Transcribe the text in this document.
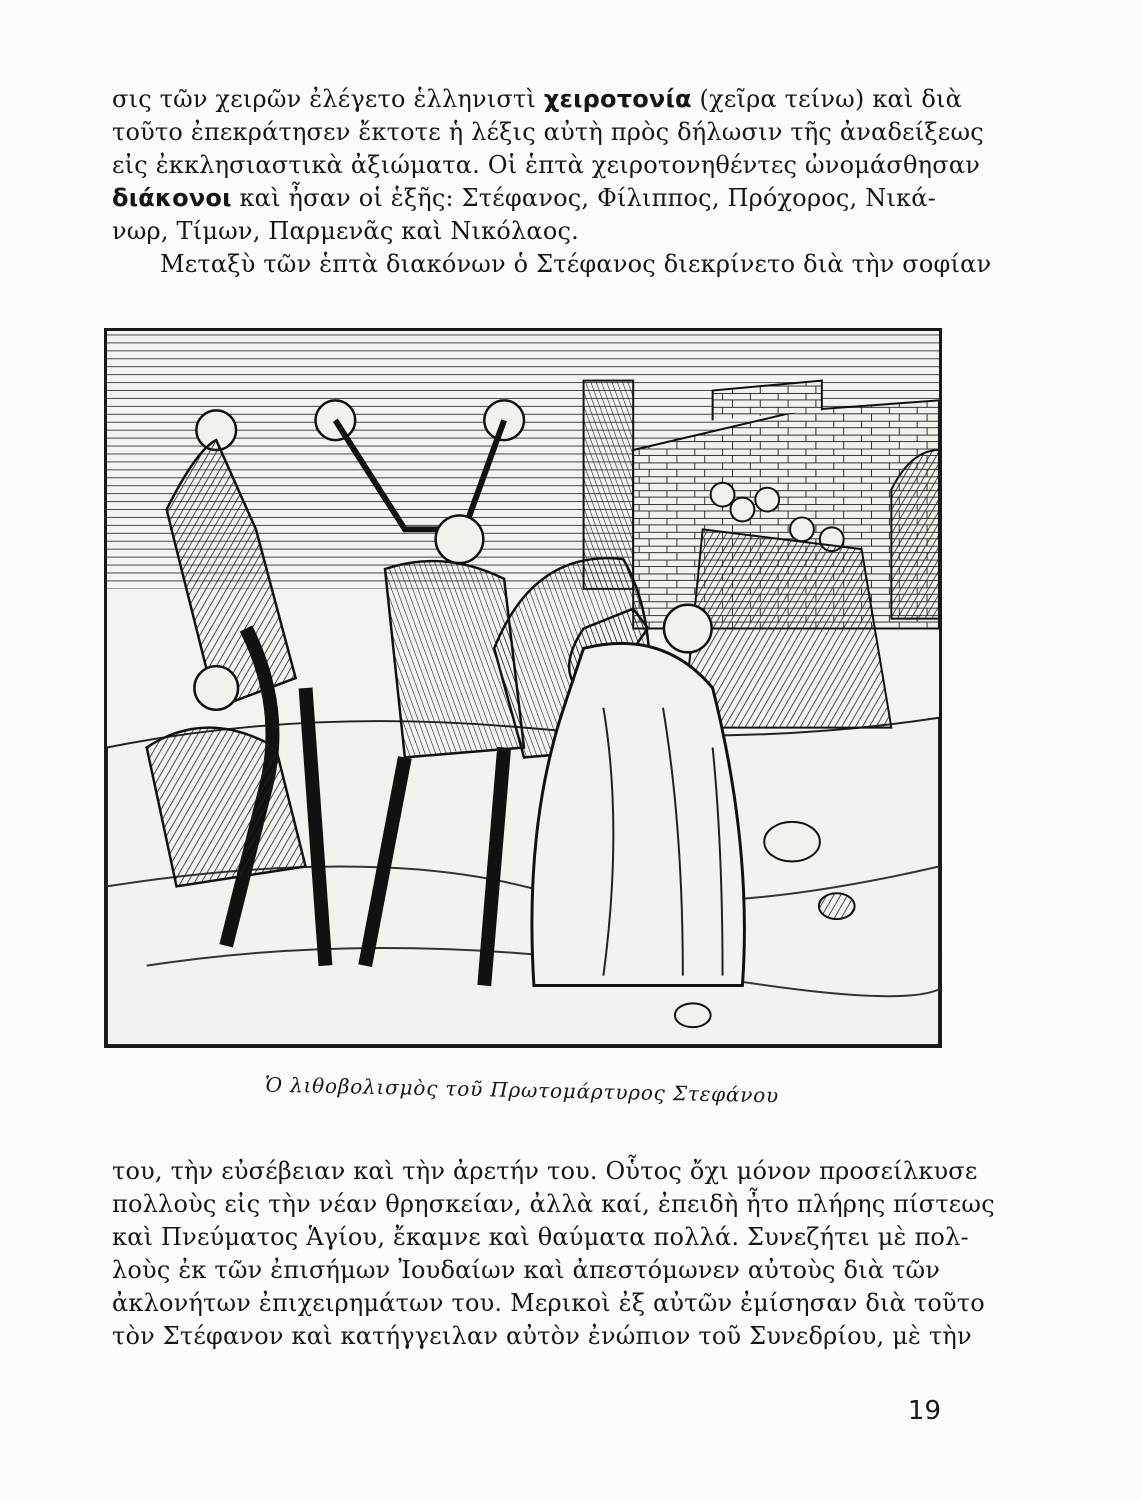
σις τῶν χειρῶν ἐλέγετο ἑλληνιστὶ χειροτονία (χεῖρα τείνω) καὶ διὰ
τοῦτο ἐπεκράτησεν ἔκτοτε ἡ λέξις αὐτὴ πρὸς δήλωσιν τῆς ἀναδείξεως
εἰς ἐκκλησιαστικὰ ἀξιώματα. Οἱ ἑπτὰ χειροτονηθέντες ὠνομάσθησαν
διάκονοι καὶ ἦσαν οἱ ἑξῆς: Στέφανος, Φίλιππος, Πρόχορος, Νικά-
νωρ, Τίμων, Παρμενᾶς καὶ Νικόλαος.
Μεταξὺ τῶν ἑπτὰ διακόνων ὁ Στέφανος διεκρίνετο διὰ τὴν σοφίαν
Ὁ λιθοβολισμὸς τοῦ Πρωτομάρτυρος Στεφάνου
του, τὴν εὐσέβειαν καὶ τὴν ἀρετήν του. Οὗτος ὄχι μόνον προσείλκυσε
πολλοὺς εἰς τὴν νέαν θρησκείαν, ἀλλὰ καί, ἐπειδὴ ἦτο πλήρης πίστεως
καὶ Πνεύματος Ἁγίου, ἔκαμνε καὶ θαύματα πολλά. Συνεζήτει μὲ πολ-
λοὺς ἐκ τῶν ἐπισήμων Ἰουδαίων καὶ ἀπεστόμωνεν αὐτοὺς διὰ τῶν
ἀκλονήτων ἐπιχειρημάτων του. Μερικοὶ ἐξ αὐτῶν ἐμίσησαν διὰ τοῦτο
τὸν Στέφανον καὶ κατήγγειλαν αὐτὸν ἐνώπιον τοῦ Συνεδρίου, μὲ τὴν
19
